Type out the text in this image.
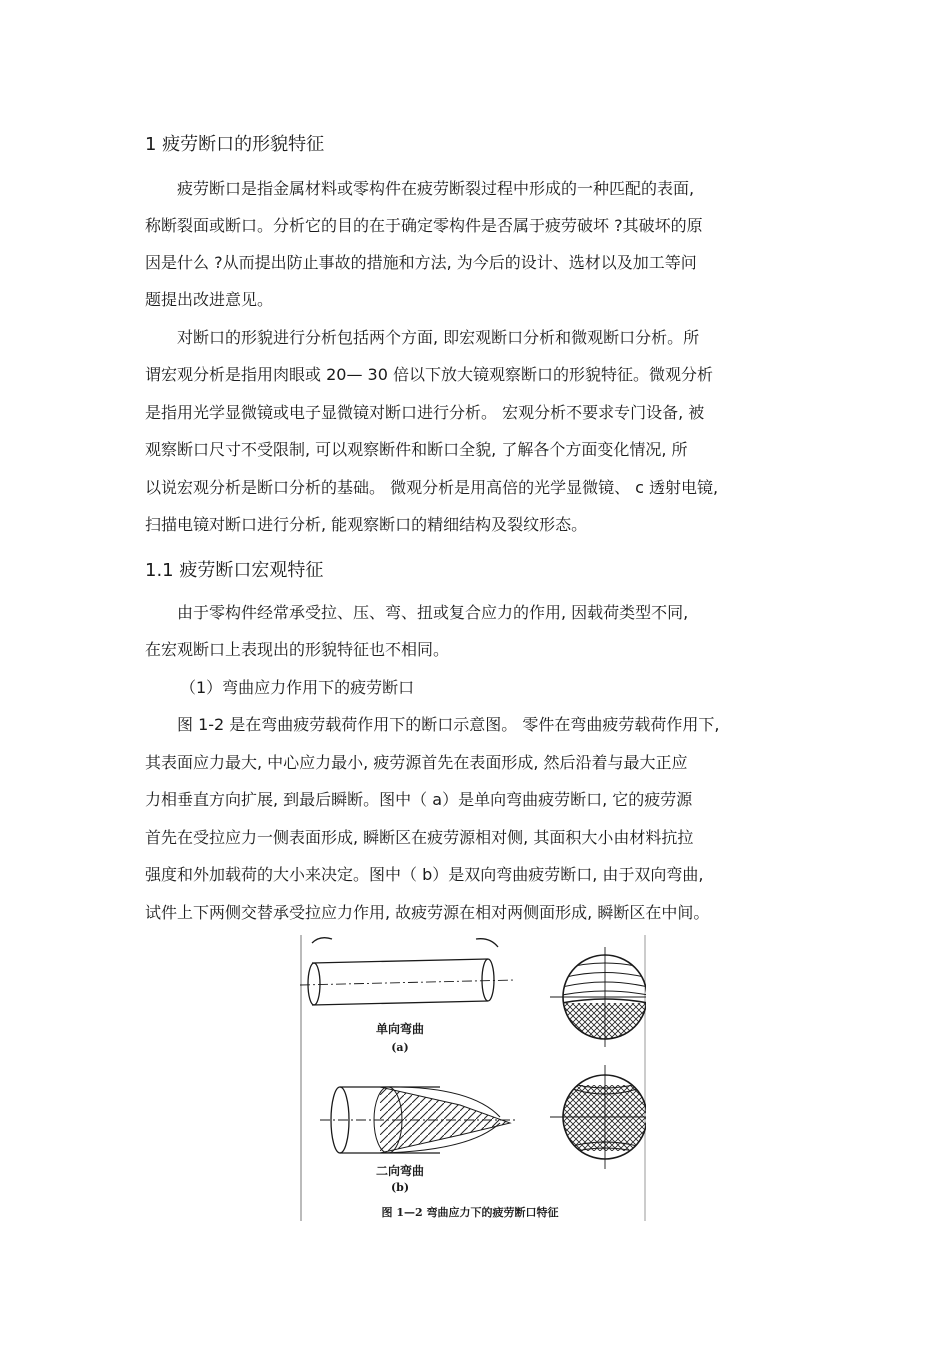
1 疲劳断口的形貌特征
疲劳断口是指金属材料或零构件在疲劳断裂过程中形成的一种匹配的表面,
称断裂面或断口。分析它的目的在于确定零构件是否属于疲劳破坏 ?其破坏的原
因是什么 ?从而提出防止事故的措施和方法, 为今后的设计、选材以及加工等问
题提出改进意见。
对断口的形貌进行分析包括两个方面, 即宏观断口分析和微观断口分析。所
谓宏观分析是指用肉眼或 20— 30 倍以下放大镜观察断口的形貌特征。微观分析
是指用光学显微镜或电子显微镜对断口进行分析。 宏观分析不要求专门设备, 被
观察断口尺寸不受限制, 可以观察断件和断口全貌, 了解各个方面变化情况, 所
以说宏观分析是断口分析的基础。 微观分析是用高倍的光学显微镜、 c 透射电镜,
扫描电镜对断口进行分析, 能观察断口的精细结构及裂纹形态。
1.1 疲劳断口宏观特征
由于零构件经常承受拉、压、弯、扭或复合应力的作用, 因载荷类型不同,
在宏观断口上表现出的形貌特征也不相同。
（1）弯曲应力作用下的疲劳断口
图 1-2 是在弯曲疲劳载荷作用下的断口示意图。 零件在弯曲疲劳载荷作用下,
其表面应力最大, 中心应力最小, 疲劳源首先在表面形成, 然后沿着与最大正应
力相垂直方向扩展, 到最后瞬断。图中（ a）是单向弯曲疲劳断口, 它的疲劳源
首先在受拉应力一侧表面形成, 瞬断区在疲劳源相对侧, 其面积大小由材料抗拉
强度和外加载荷的大小来决定。图中（ b）是双向弯曲疲劳断口, 由于双向弯曲,
试件上下两侧交替承受拉应力作用, 故疲劳源在相对两侧面形成, 瞬断区在中间。
单向弯曲
(a)
二向弯曲
(b)
图 1—2 弯曲应力下的疲劳断口特征
